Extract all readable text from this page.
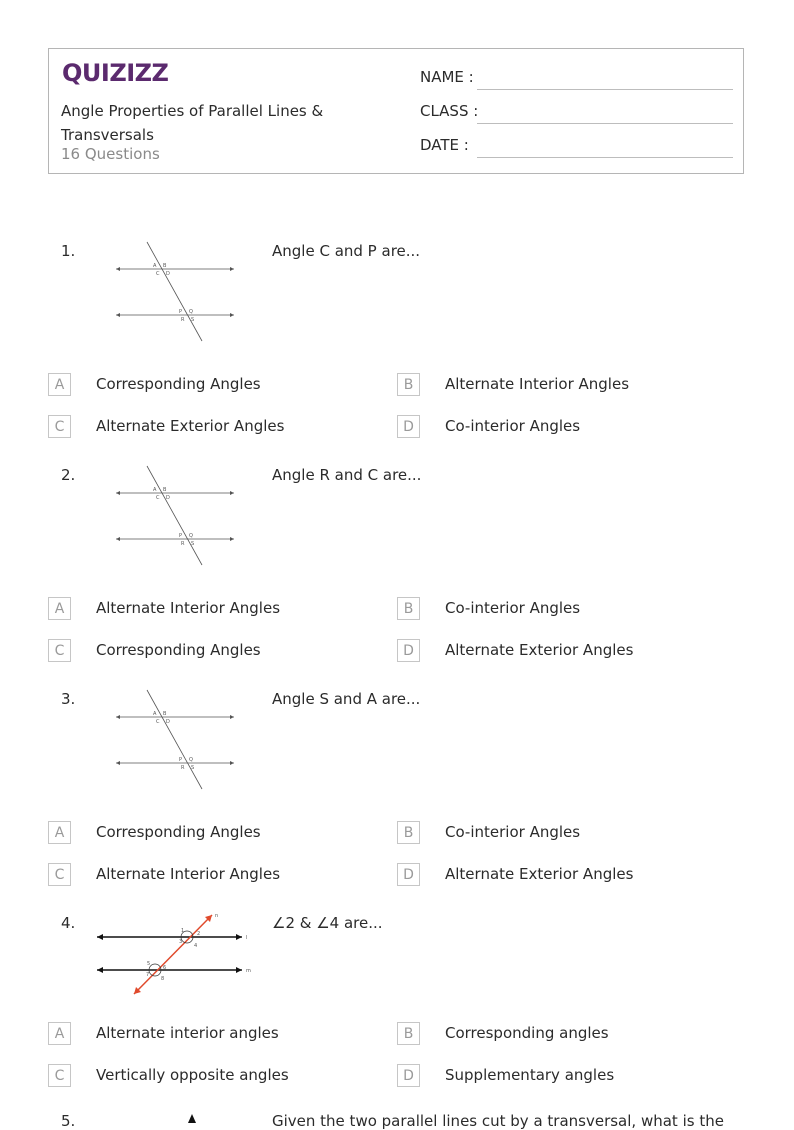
QUIZIZZ
Angle Properties of Parallel Lines & Transversals
16 Questions
NAME :
CLASS :
DATE :
1.
A B
C D
P Q
R S
Angle C and P are...
A	Corresponding Angles	B	Alternate Interior Angles
C	Alternate Exterior Angles	D	Co-interior Angles
2.
A B
C D
P Q
R S
Angle R and C are...
A	Alternate Interior Angles	B	Co-interior Angles
C	Corresponding Angles	D	Alternate Exterior Angles
3.
A B
C D
P Q
R S
Angle S and A are...
A	Corresponding Angles	B	Co-interior Angles
C	Alternate Interior Angles	D	Alternate Exterior Angles
4.	1	2
3
4
5
6
7
8
n
l
m
∠2 & ∠4 are...
A	Alternate interior angles	B	Corresponding angles
C	Vertically opposite angles	D	Supplementary angles
5.	Given the two parallel lines cut by a transversal, what is the
